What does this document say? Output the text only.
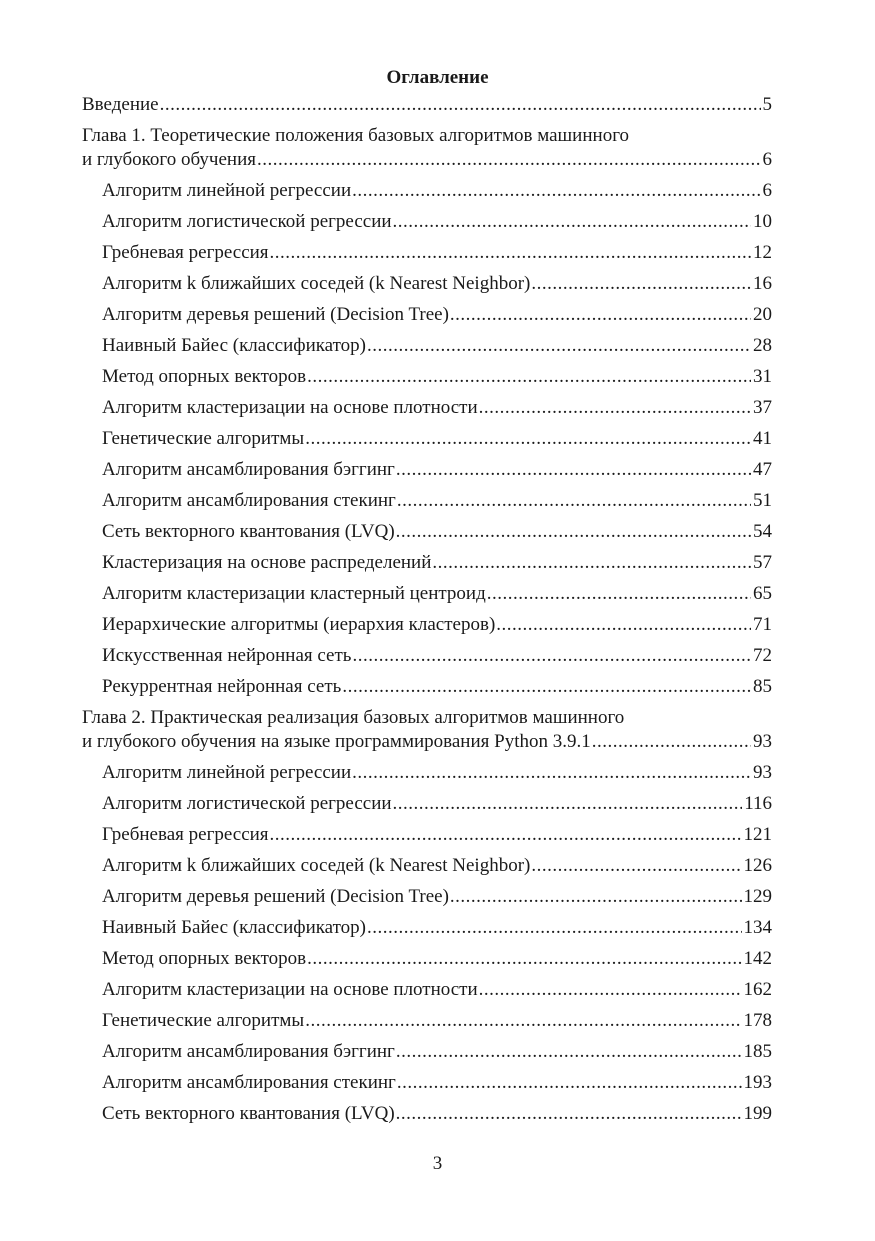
Оглавление
Введение .....	5
Глава 1. Теоретические положения базовых алгоритмов машинного
и глубокого обучения .....	6
Алгоритм линейной регрессии .....	6
Алгоритм логистической регрессии .....	10
Гребневая регрессия .....	12
Алгоритм k ближайших соседей (k Nearest Neighbor) .....	16
Алгоритм деревья решений (Decision Tree) .....	20
Наивный Байес (классификатор) .....	28
Метод опорных векторов .....	31
Алгоритм кластеризации на основе плотности .....	37
Генетические алгоритмы .....	41
Алгоритм ансамблирования бэггинг .....	47
Алгоритм ансамблирования стекинг .....	51
Сеть векторного квантования (LVQ) .....	54
Кластеризация на основе распределений .....	57
Алгоритм кластеризации кластерный центроид .....	65
Иерархические алгоритмы (иерархия кластеров) .....	71
Искусственная нейронная сеть .....	72
Рекуррентная нейронная сеть .....	85
Глава 2. Практическая реализация базовых алгоритмов машинного
и глубокого обучения на языке программирования Python 3.9.1 .....	93
Алгоритм линейной регрессии .....	93
Алгоритм логистической регрессии .....	116
Гребневая регрессия .....	121
Алгоритм k ближайших соседей (k Nearest Neighbor) .....	126
Алгоритм деревья решений (Decision Tree) .....	129
Наивный Байес (классификатор) .....	134
Метод опорных векторов .....	142
Алгоритм кластеризации на основе плотности .....	162
Генетические алгоритмы .....	178
Алгоритм ансамблирования бэггинг .....	185
Алгоритм ансамблирования стекинг .....	193
Сеть векторного квантования (LVQ) .....	199
3
